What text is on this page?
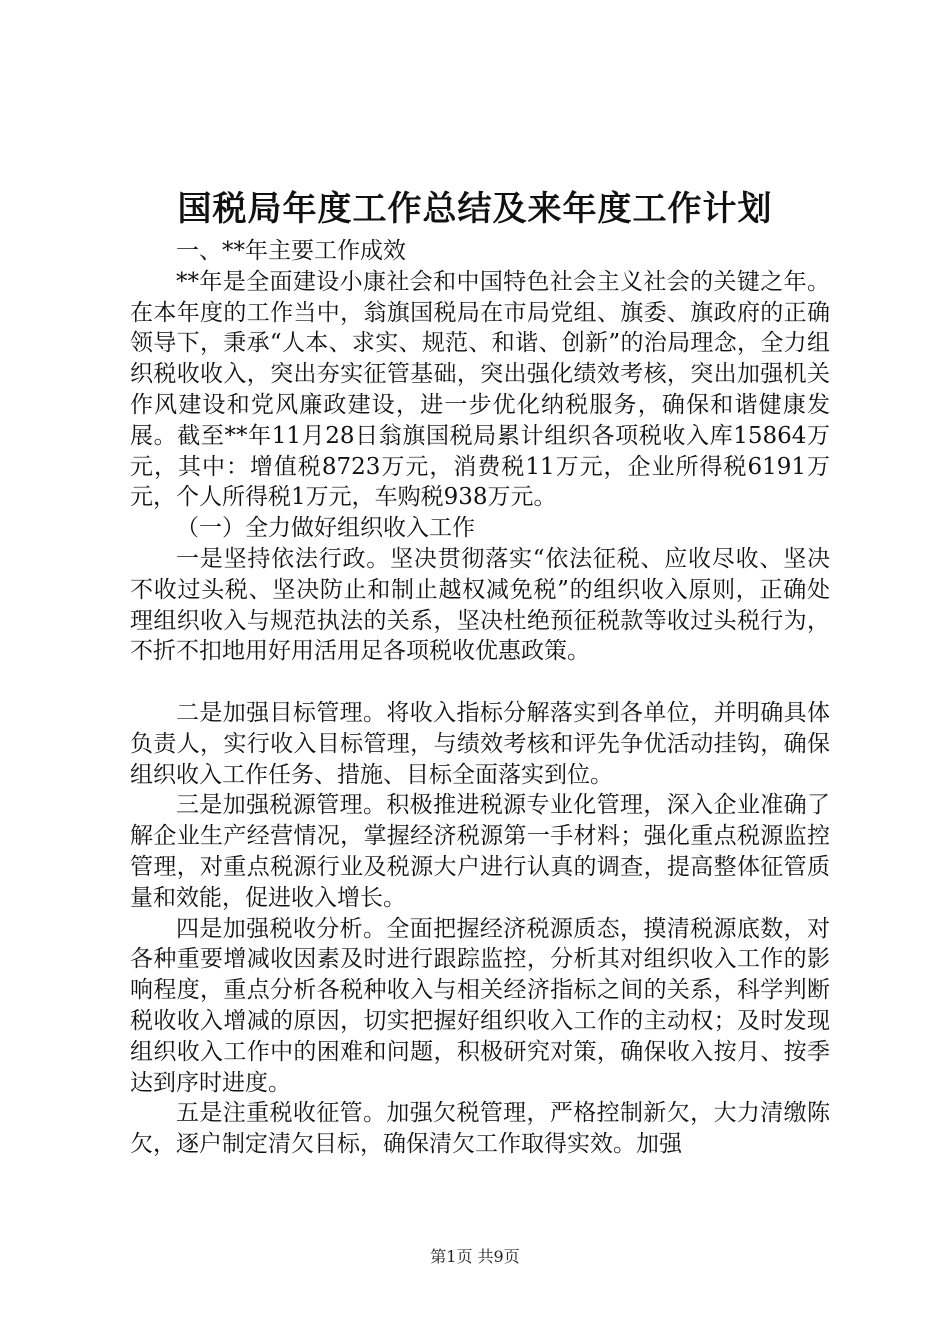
国税局年度工作总结及来年度工作计划

一、**年主要工作成效

**年是全面建设小康社会和中国特色社会主义社会的关键之年。在本年度的工作当中，翁旗国税局在市局党组、旗委、旗政府的正确领导下，秉承“人本、求实、规范、和谐、创新”的治局理念，全力组织税收收入，突出夯实征管基础，突出强化绩效考核，突出加强机关作风建设和党风廉政建设，进一步优化纳税服务，确保和谐健康发展。截至**年11月28日翁旗国税局累计组织各项税收入库15864万元，其中：增值税8723万元，消费税11万元，企业所得税6191万元，个人所得税1万元，车购税938万元。

（一）全力做好组织收入工作

一是坚持依法行政。坚决贯彻落实“依法征税、应收尽收、坚决不收过头税、坚决防止和制止越权减免税”的组织收入原则，正确处理组织收入与规范执法的关系，坚决杜绝预征税款等收过头税行为，不折不扣地用好用活用足各项税收优惠政策。

二是加强目标管理。将收入指标分解落实到各单位，并明确具体负责人，实行收入目标管理，与绩效考核和评先争优活动挂钩，确保组织收入工作任务、措施、目标全面落实到位。

三是加强税源管理。积极推进税源专业化管理，深入企业准确了解企业生产经营情况，掌握经济税源第一手材料；强化重点税源监控管理，对重点税源行业及税源大户进行认真的调查，提高整体征管质量和效能，促进收入增长。

四是加强税收分析。全面把握经济税源质态，摸清税源底数，对各种重要增减收因素及时进行跟踪监控，分析其对组织收入工作的影响程度，重点分析各税种收入与相关经济指标之间的关系，科学判断税收收入增减的原因，切实把握好组织收入工作的主动权；及时发现组织收入工作中的困难和问题，积极研究对策，确保收入按月、按季达到序时进度。

五是注重税收征管。加强欠税管理，严格控制新欠，大力清缴陈欠，逐户制定清欠目标，确保清欠工作取得实效。加强

第1页 共9页
